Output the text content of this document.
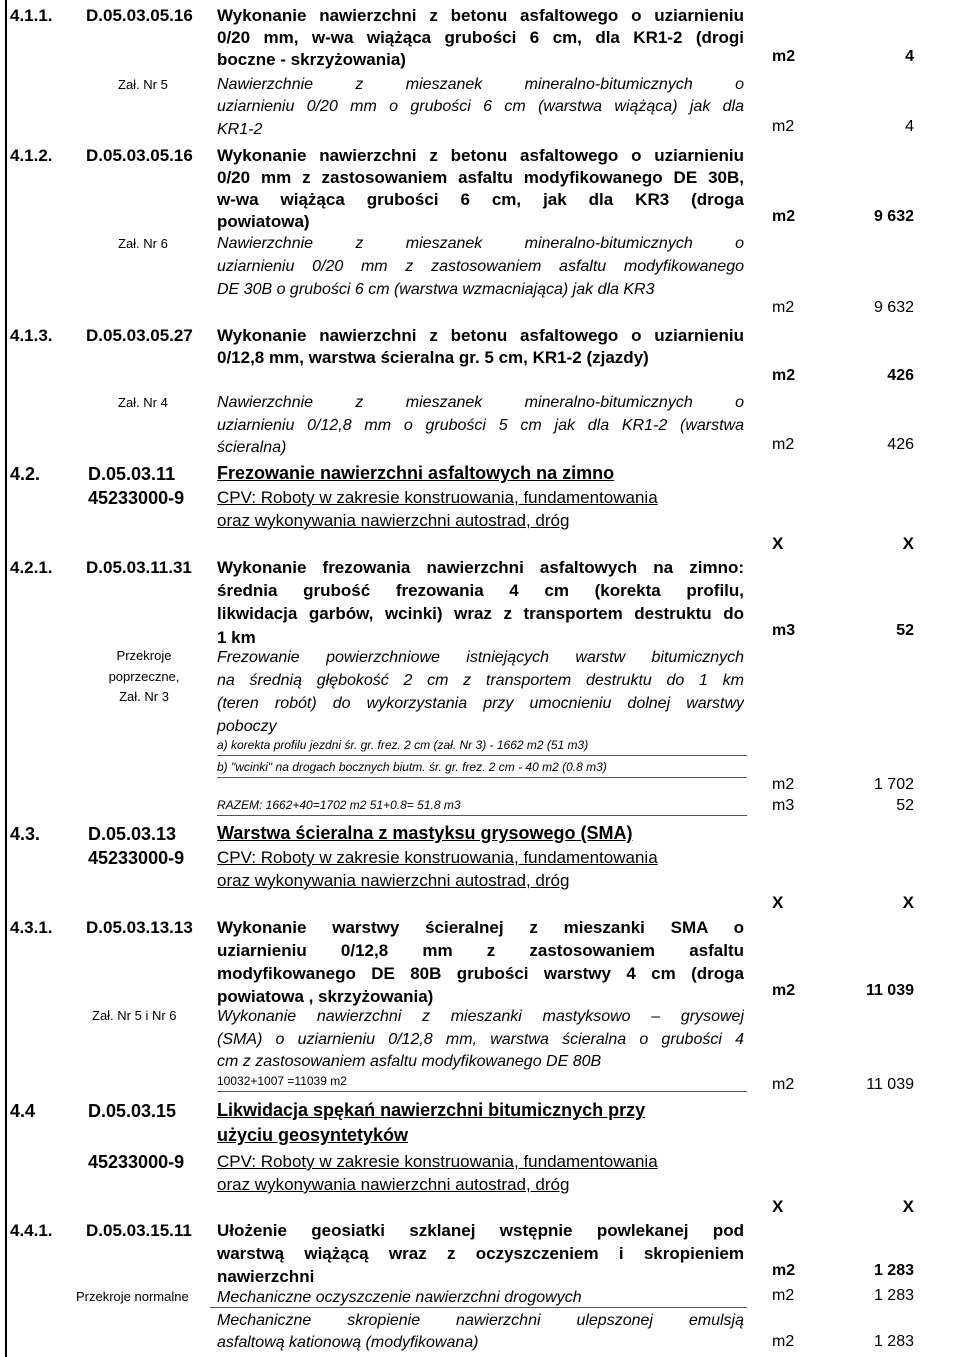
4.1.1. D.05.03.05.16 Wykonanie nawierzchni z betonu asfaltowego o uziarnieniu
0/20 mm, w-wa wiążąca grubości 6 cm, dla KR1-2 (drogi
boczne - skrzyżowania)	m2	4
Zał. Nr 5	Nawierzchnie z mieszanek mineralno-bitumicznych o
uziarnieniu 0/20 mm o grubości 6 cm (warstwa wiążąca) jak dla
KR1-2	m2	4
4.1.2. D.05.03.05.16 Wykonanie nawierzchni z betonu asfaltowego o uziarnieniu
0/20 mm z zastosowaniem asfaltu modyfikowanego DE 30B,
w-wa wiążąca grubości 6 cm, jak dla KR3 (droga
powiatowa)	m2	9 632
Zał. Nr 6	Nawierzchnie z mieszanek mineralno-bitumicznych o
uziarnieniu 0/20 mm z zastosowaniem asfaltu modyfikowanego
DE 30B o grubości 6 cm (warstwa wzmacniająca) jak dla KR3
m2	9 632
4.1.3. D.05.03.05.27 Wykonanie nawierzchni z betonu asfaltowego o uziarnieniu
0/12,8 mm, warstwa ścieralna gr. 5 cm, KR1-2 (zjazdy)
m2	426
Zał. Nr 4	Nawierzchnie z mieszanek mineralno-bitumicznych o
uziarnieniu 0/12,8 mm o grubości 5 cm jak dla KR1-2 (warstwa
ścieralna)	m2	426
4.2.	D.05.03.11
45233000-9
Frezowanie nawierzchni asfaltowych na zimno
CPV: Roboty w zakresie konstruowania, fundamentowania
oraz wykonywania nawierzchni autostrad, dróg
X	X
4.2.1. D.05.03.11.31 Wykonanie frezowania nawierzchni asfaltowych na zimno:
średnia grubość frezowania 4 cm (korekta profilu,
likwidacja garbów, wcinki) wraz z transportem destruktu do
1 km	m3	52
Przekroje
poprzeczne,
Zał. Nr 3
Frezowanie powierzchniowe istniejących warstw bitumicznych
na średnią głębokość 2 cm z transportem destruktu do 1 km
(teren robót) do wykorzystania przy umocnieniu dolnej warstwy
poboczy
a) korekta profilu jezdni śr. gr. frez. 2 cm (zał. Nr 3) - 1662 m2 (51 m3)
b) "wcinki" na drogach bocznych biutm. śr. gr. frez. 2 cm - 40 m2 (0.8 m3)
RAZEM: 1662+40=1702 m2 51+0.8= 51.8 m3
m2	1 702
m3	52
4.3.	D.05.03.13
45233000-9
Warstwa ścieralna z mastyksu grysowego (SMA)
CPV: Roboty w zakresie konstruowania, fundamentowania
oraz wykonywania nawierzchni autostrad, dróg
X	X
4.3.1. D.05.03.13.13 Wykonanie warstwy ścieralnej z mieszanki SMA o
uziarnieniu 0/12,8 mm z zastosowaniem asfaltu
modyfikowanego DE 80B grubości warstwy 4 cm (droga
powiatowa , skrzyżowania)	m2	11 039
Zał. Nr 5 i Nr 6	Wykonanie nawierzchni z mieszanki mastyksowo – grysowej
(SMA) o uziarnieniu 0/12,8 mm, warstwa ścieralna o grubości 4
cm z zastosowaniem asfaltu modyfikowanego DE 80B
10032+1007 =11039 m2	m2	11 039
4.4	D.05.03.15
45233000-9
Likwidacja spękań nawierzchni bitumicznych przy
użyciu geosyntetyków
CPV: Roboty w zakresie konstruowania, fundamentowania
oraz wykonywania nawierzchni autostrad, dróg
X	X
4.4.1. D.05.03.15.11 Ułożenie geosiatki szklanej wstępnie powlekanej pod
warstwą wiążącą wraz z oczyszczeniem i skropieniem
nawierzchni	m2	1 283
Przekroje normalne Mechaniczne oczyszczenie nawierzchni drogowych	m2	1 283
Mechaniczne skropienie nawierzchni ulepszonej emulsją
asfaltową kationową (modyfikowana)	m2	1 283
